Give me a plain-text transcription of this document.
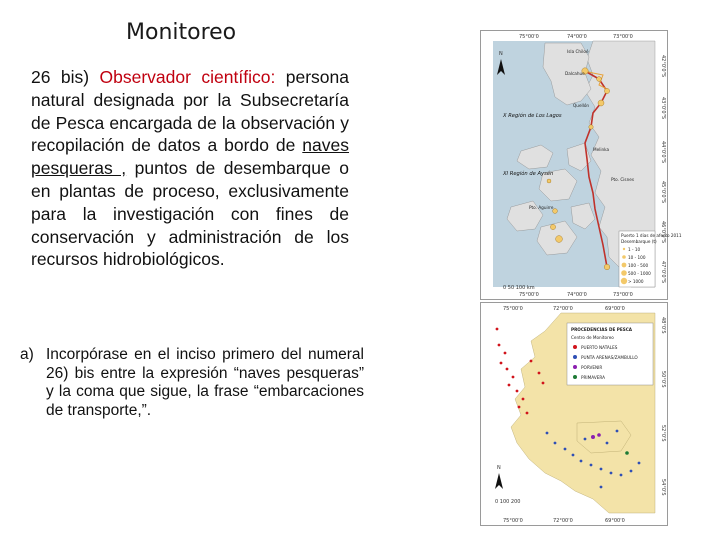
Monitoreo

26 bis) Observador científico: persona natural designada por la Subsecretaría de Pesca encargada de la observación y recopilación de datos a bordo de naves pesqueras , puntos de desembarque o en plantas de proceso, exclusivamente para la investigación con fines de conservación y administración de los recursos hidrobiológicos.

a) Incorpórase en el inciso primero del numeral 26) bis entre la expresión “naves pesqueras” y la coma que sigue, la frase “embarcaciones de transporte,”.

N	Isla Chiloé
X Región de Los Lagos
XI Región de Aysén
Dalcahue
Quellón
Melinka
Pto. Aguirre
Pto. Cisnes
Puerto 1 dias de afecto 2011
Desembarque (t)
1 - 10
10 - 100
100 - 500
500 - 1000
> 1000
75°00'0	74°00'0	73°00'0
75°00'0	74°00'0	73°00'0
0 50 100 km
42°0'0"S
43°0'0"S
44°0'0"S
45°0'0"S
46°0'0"S
47°0'0"S
N
0 100 200
PROCEDENCIAS DE PESCA
Centro de Monitoreo
PUERTO NATALES
PUNTA ARENAS/ZAMBULLO
PORVENIR
PRIMAVERA
75°00'0	72°00'0	69°00'0
75°00'0	72°00'0	69°00'0
48°0'S
50°0'S
52°0'S
54°0'S
